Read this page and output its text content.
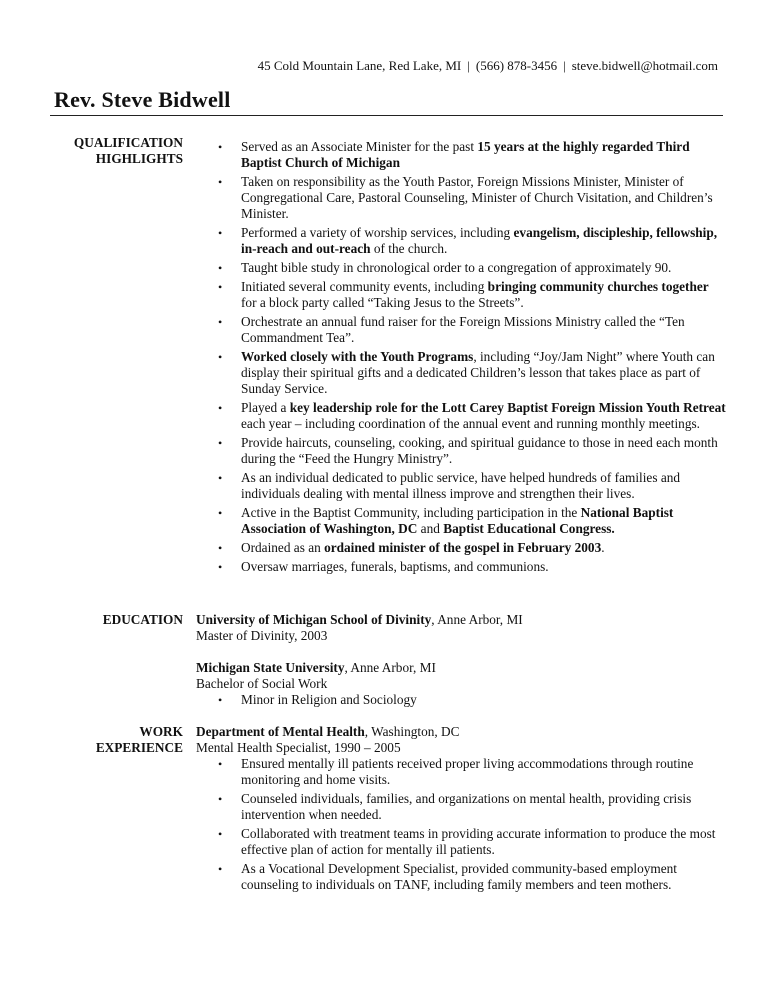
45 Cold Mountain Lane, Red Lake, MI | (566) 878-3456 | steve.bidwell@hotmail.com
Rev. Steve Bidwell
QUALIFICATION
HIGHLIGHTS
• Served as an Associate Minister for the past 15 years at the highly regarded Third Baptist Church of Michigan
• Taken on responsibility as the Youth Pastor, Foreign Missions Minister, Minister of Congregational Care, Pastoral Counseling, Minister of Church Visitation, and Children’s Minister.
• Performed a variety of worship services, including evangelism, discipleship, fellowship, in-reach and out-reach of the church.
• Taught bible study in chronological order to a congregation of approximately 90.
• Initiated several community events, including bringing community churches together for a block party called “Taking Jesus to the Streets”.
• Orchestrate an annual fund raiser for the Foreign Missions Ministry called the “Ten Commandment Tea”.
• Worked closely with the Youth Programs, including “Joy/Jam Night” where Youth can display their spiritual gifts and a dedicated Children’s lesson that takes place as part of Sunday Service.
• Played a key leadership role for the Lott Carey Baptist Foreign Mission Youth Retreat each year – including coordination of the annual event and running monthly meetings.
• Provide haircuts, counseling, cooking, and spiritual guidance to those in need each month during the “Feed the Hungry Ministry”.
• As an individual dedicated to public service, have helped hundreds of families and individuals dealing with mental illness improve and strengthen their lives.
• Active in the Baptist Community, including participation in the National Baptist Association of Washington, DC and Baptist Educational Congress.
• Ordained as an ordained minister of the gospel in February 2003.
• Oversaw marriages, funerals, baptisms, and communions.
EDUCATION University of Michigan School of Divinity, Anne Arbor, MI
Master of Divinity, 2003
Michigan State University, Anne Arbor, MI
Bachelor of Social Work
• Minor in Religion and Sociology
WORK
EXPERIENCE
Department of Mental Health, Washington, DC
Mental Health Specialist, 1990 – 2005
• Ensured mentally ill patients received proper living accommodations through routine monitoring and home visits.
• Counseled individuals, families, and organizations on mental health, providing crisis intervention when needed.
• Collaborated with treatment teams in providing accurate information to produce the most effective plan of action for mentally ill patients.
• As a Vocational Development Specialist, provided community-based employment counseling to individuals on TANF, including family members and teen mothers.
